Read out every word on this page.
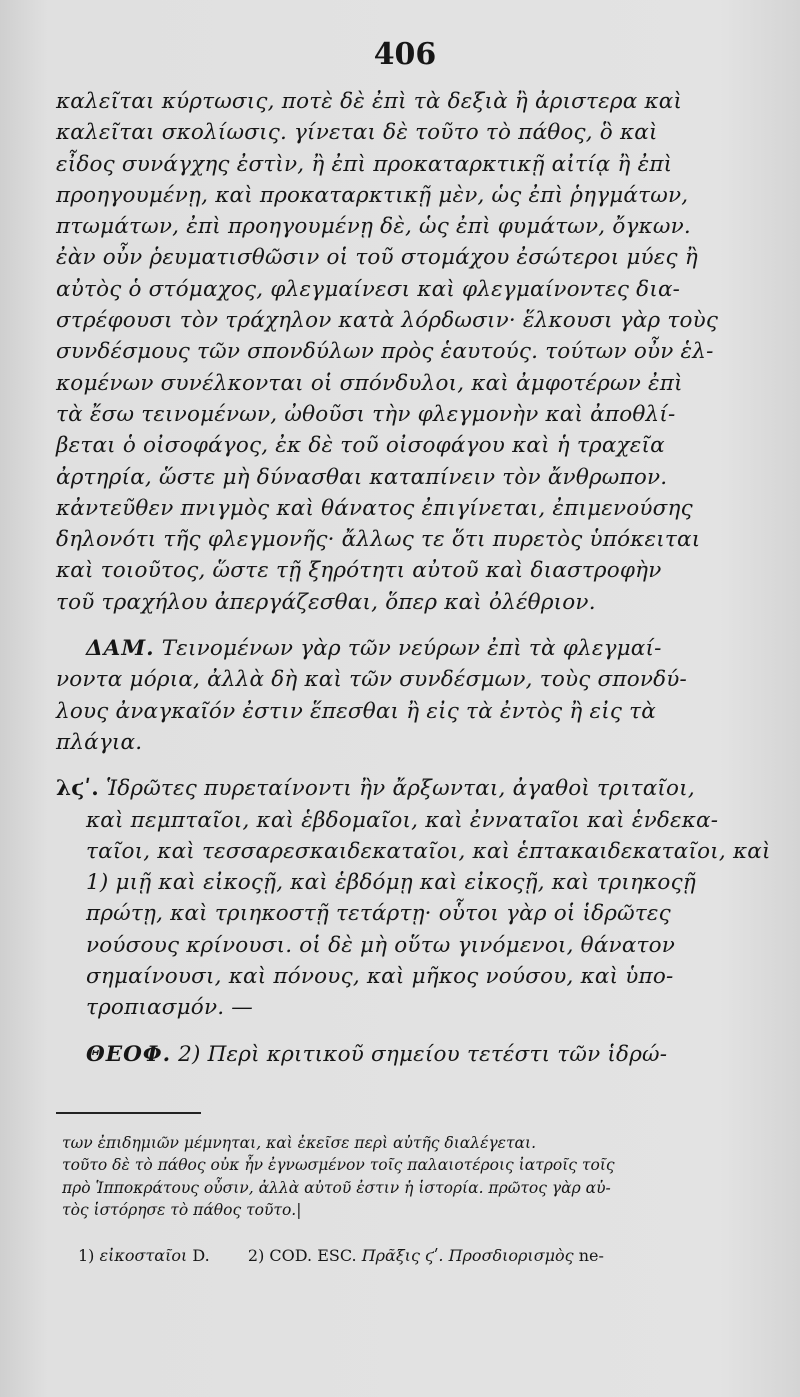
406
καλεῖται κύρτωσις, ποτὲ δὲ ἐπὶ τὰ δεξιὰ ἢ ἀριστερα καὶ
καλεῖται σκολίωσις. γίνεται δὲ τοῦτο τὸ πάθος, ὃ καὶ
εἶδος συνάγχης ἐστὶν, ἢ ἐπὶ προκαταρκτικῇ αἰτίᾳ ἢ ἐπὶ
προηγουμένῃ, καὶ προκαταρκτικῇ μὲν, ὡς ἐπὶ ῥηγμάτων,
πτωμάτων, ἐπὶ προηγουμένῃ δὲ, ὡς ἐπὶ φυμάτων, ὄγκων.
ἐὰν οὖν ῥευματισθῶσιν οἱ τοῦ στομάχου ἐσώτεροι μύες ἢ
αὐτὸς ὁ στόμαχος, φλεγμαίνεσι καὶ φλεγμαίνοντες δια-
στρέφουσι τὸν τράχηλον κατὰ λόρδωσιν· ἕλκουσι γὰρ τοὺς
συνδέσμους τῶν σπονδύλων πρὸς ἑαυτούς. τούτων οὖν ἑλ-
κομένων συνέλκονται οἱ σπόνδυλοι, καὶ ἀμφοτέρων ἐπὶ
τὰ ἔσω τεινομένων, ὠθοῦσι τὴν φλεγμονὴν καὶ ἀποθλί-
βεται ὁ οἰσοφάγος, ἐκ δὲ τοῦ οἰσοφάγου καὶ ἡ τραχεῖα
ἀρτηρία, ὥστε μὴ δύνασθαι καταπίνειν τὸν ἄνθρωπον.
κἀντεῦθεν πνιγμὸς καὶ θάνατος ἐπιγίνεται, ἐπιμενούσης
δηλονότι τῆς φλεγμονῆς· ἄλλως τε ὅτι πυρετὸς ὑπόκειται
καὶ τοιοῦτος, ὥστε τῇ ξηρότητι αὐτοῦ καὶ διαστροφὴν
τοῦ τραχήλου ἀπεργάζεσθαι, ὅπερ καὶ ὀλέθριον.
ΔΑΜ. Τεινομένων γὰρ τῶν νεύρων ἐπὶ τὰ φλεγμαί-
νοντα μόρια, ἀλλὰ δὴ καὶ τῶν συνδέσμων, τοὺς σπονδύ-
λους ἀναγκαῖόν ἐστιν ἕπεσθαι ἢ εἰς τὰ ἐντὸς ἢ εἰς τὰ
πλάγια.
λϛʹ. Ἱδρῶτες πυρεταίνοντι ἢν ἄρξωνται, ἀγαθοὶ τριταῖοι,
καὶ πεμπταῖοι, καὶ ἑβδομαῖοι, καὶ ἐνναταῖοι καὶ ἑνδεκα-
ταῖοι, καὶ τεσσαρεσκαιδεκαταῖοι, καὶ ἑπτακαιδεκαταῖοι, καὶ
1) μιῇ καὶ εἰκοςῇ, καὶ ἑβδόμῃ καὶ εἰκοςῇ, καὶ τριηκοςῇ
πρώτῃ, καὶ τριηκοστῇ τετάρτῃ· οὗτοι γὰρ οἱ ἱδρῶτες
νούσους κρίνουσι. οἱ δὲ μὴ οὕτω γινόμενοι, θάνατον
σημαίνουσι, καὶ πόνους, καὶ μῆκος νούσου, καὶ ὑπο-
τροπιασμόν. —
ΘΕΟΦ. 2) Περὶ κριτικοῦ σημείου τετέστι τῶν ἱδρώ-
των ἐπιδημιῶν μέμνηται, καὶ ἐκεῖσε περὶ αὐτῆς διαλέγεται.
τοῦτο δὲ τὸ πάθος οὐκ ἦν ἐγνωσμένον τοῖς παλαιοτέροις ἰατροῖς τοῖς
πρὸ Ἱπποκράτους οὖσιν, ἀλλὰ αὐτοῦ ἐστιν ἡ ἱστορία. πρῶτος γὰρ αὐ-
τὸς ἱστόρησε τὸ πάθος τοῦτο.|
1) εἰκοσταῖοι D. 2) COD. ESC. Πρᾶξις ϛʹ. Προσδιορισμὸς ne-
